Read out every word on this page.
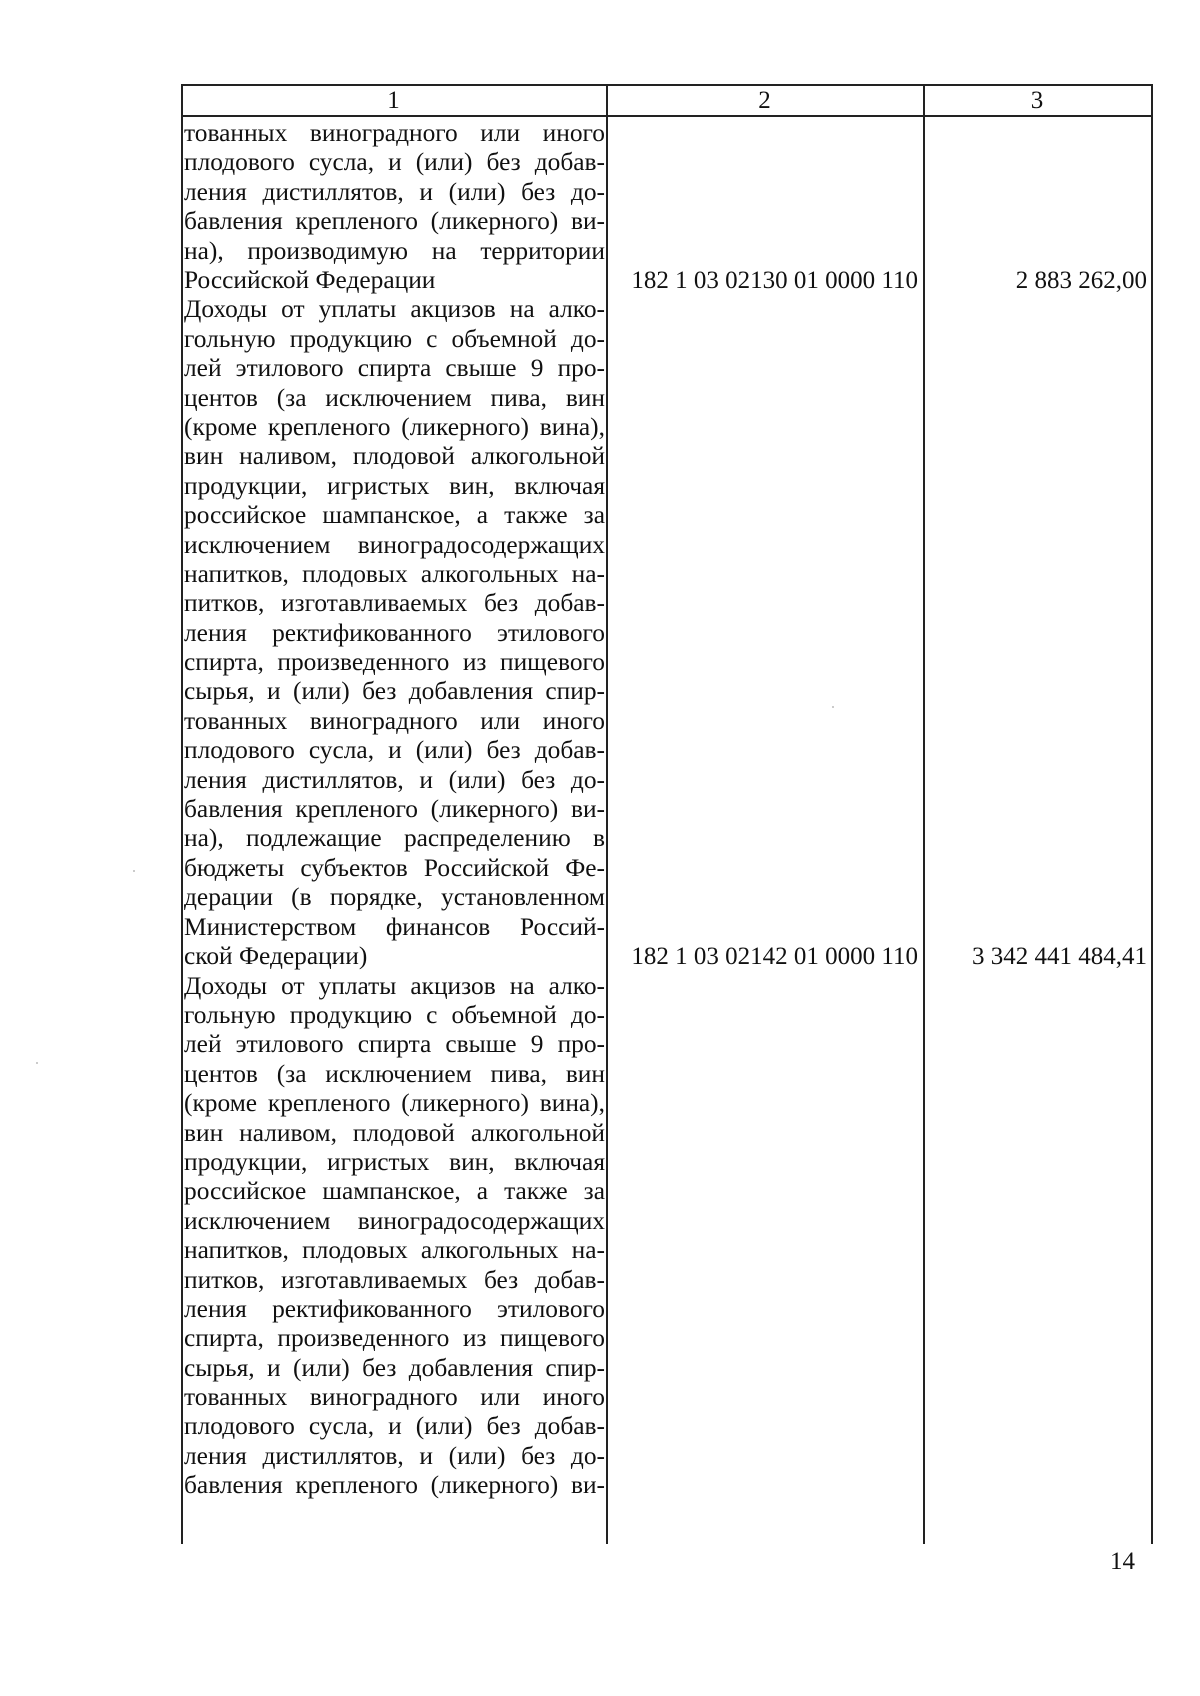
1	2	3
тованных виноградного или иного
плодового сусла, и (или) без добав-
ления дистиллятов, и (или) без до-
бавления крепленого (ликерного) ви-
на), производимую на территории
Российской Федерации	182 1 03 02130 01 0000 110	2 883 262,00
Доходы от уплаты акцизов на алко-
гольную продукцию с объемной до-
лей этилового спирта свыше 9 про-
центов (за исключением пива, вин
(кроме крепленого (ликерного) вина),
вин наливом, плодовой алкогольной
продукции, игристых вин, включая
российское шампанское, а также за
исключением виноградосодержащих
напитков, плодовых алкогольных на-
питков, изготавливаемых без добав-
ления ректификованного этилового
спирта, произведенного из пищевого
сырья, и (или) без добавления спир-
тованных виноградного или иного
плодового сусла, и (или) без добав-
ления дистиллятов, и (или) без до-
бавления крепленого (ликерного) ви-
на), подлежащие распределению в
бюджеты субъектов Российской Фе-
дерации (в порядке, установленном
Министерством финансов Россий-
ской Федерации)	182 1 03 02142 01 0000 110	3 342 441 484,41
Доходы от уплаты акцизов на алко-
гольную продукцию с объемной до-
лей этилового спирта свыше 9 про-
центов (за исключением пива, вин
(кроме крепленого (ликерного) вина),
вин наливом, плодовой алкогольной
продукции, игристых вин, включая
российское шампанское, а также за
исключением виноградосодержащих
напитков, плодовых алкогольных на-
питков, изготавливаемых без добав-
ления ректификованного этилового
спирта, произведенного из пищевого
сырья, и (или) без добавления спир-
тованных виноградного или иного
плодового сусла, и (или) без добав-
ления дистиллятов, и (или) без до-
бавления крепленого (ликерного) ви-
14
